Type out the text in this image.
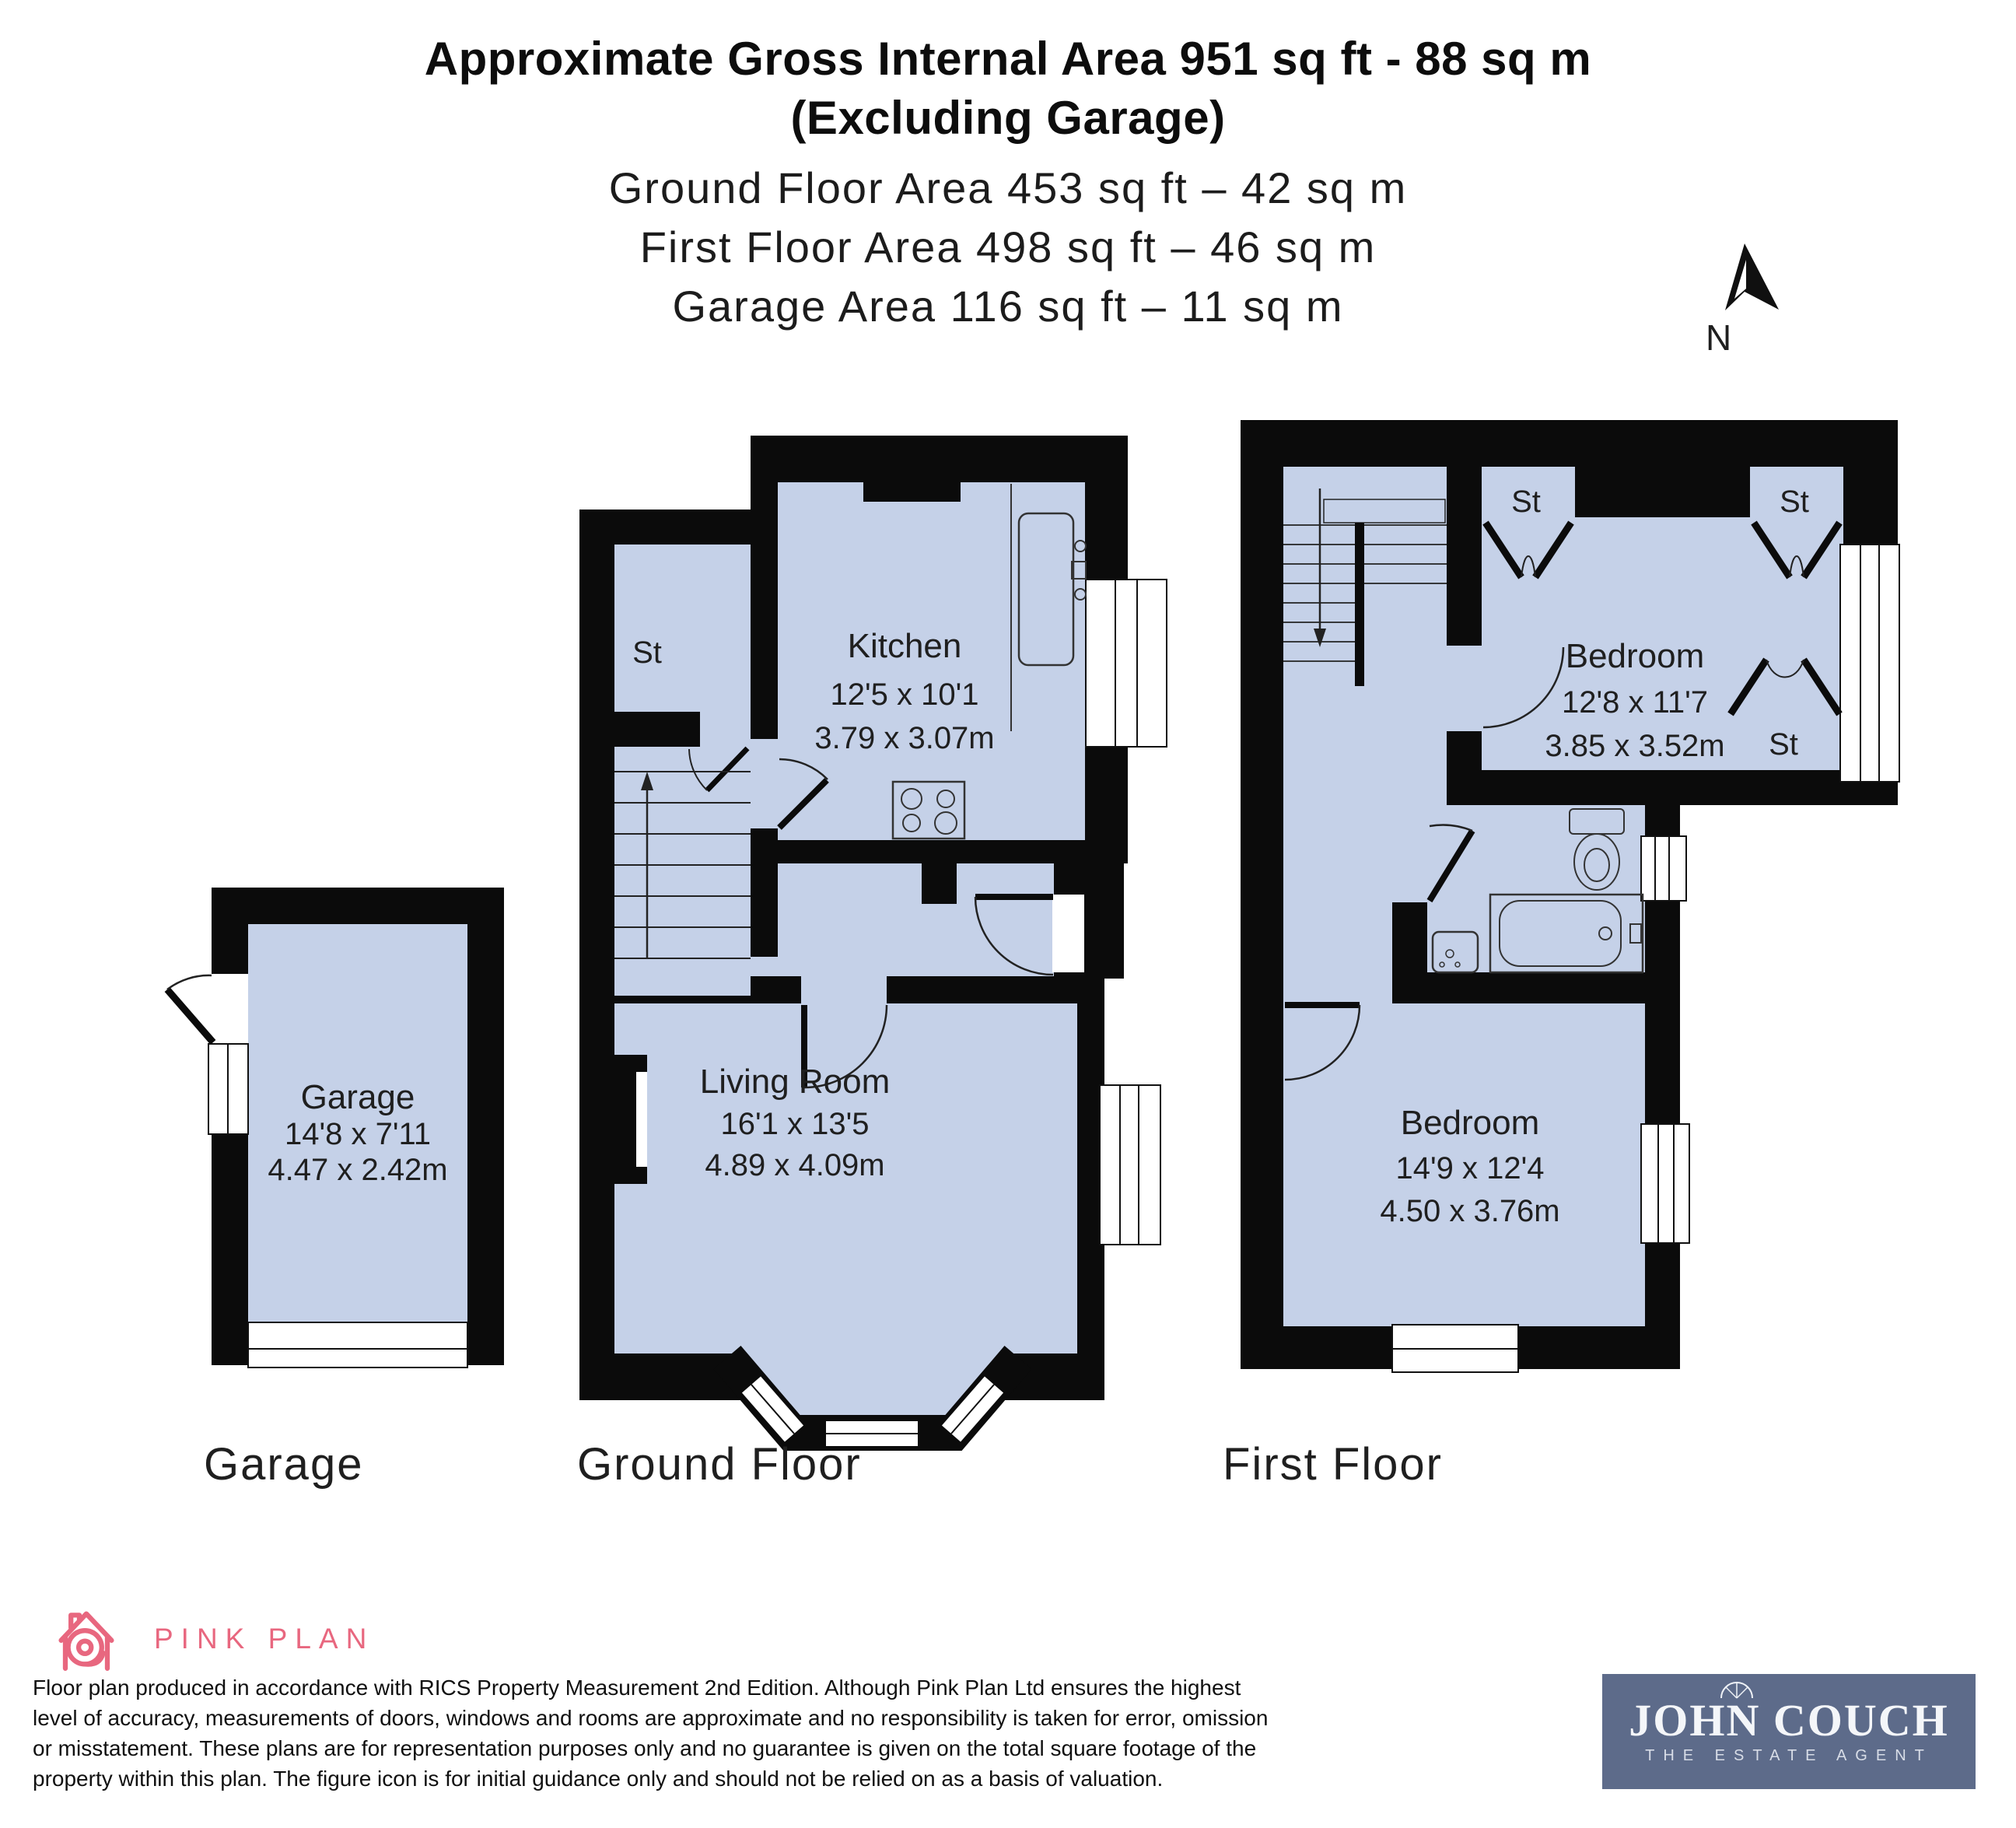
Approximate Gross Internal Area 951 sq ft - 88 sq m
(Excluding Garage)
Ground Floor Area 453 sq ft – 42 sq m
First Floor Area 498 sq ft – 46 sq m
Garage Area 116 sq ft – 11 sq m
N
Garage
14'8 x 7'11
4.47 x 2.42m
Garage
St	Kitchen
12'5 x 10'1
3.79 x 3.07m
Living Room
16'1 x 13'5
4.89 x 4.09m
Ground Floor
St	St
St
Bedroom
12'8 x 11'7
3.85 x 3.52m
Bedroom
14'9 x 12'4
4.50 x 3.76m
First Floor
PINK PLAN
Floor plan produced in accordance with RICS Property Measurement 2nd Edition. Although Pink Plan Ltd ensures the highest
level of accuracy, measurements of doors, windows and rooms are approximate and no responsibility is taken for error, omission
or misstatement. These plans are for representation purposes only and no guarantee is given on the total square footage of the
property within this plan. The figure icon is for initial guidance only and should not be relied on as a basis of valuation.
JOHN COUCH
THE ESTATE AGENT
